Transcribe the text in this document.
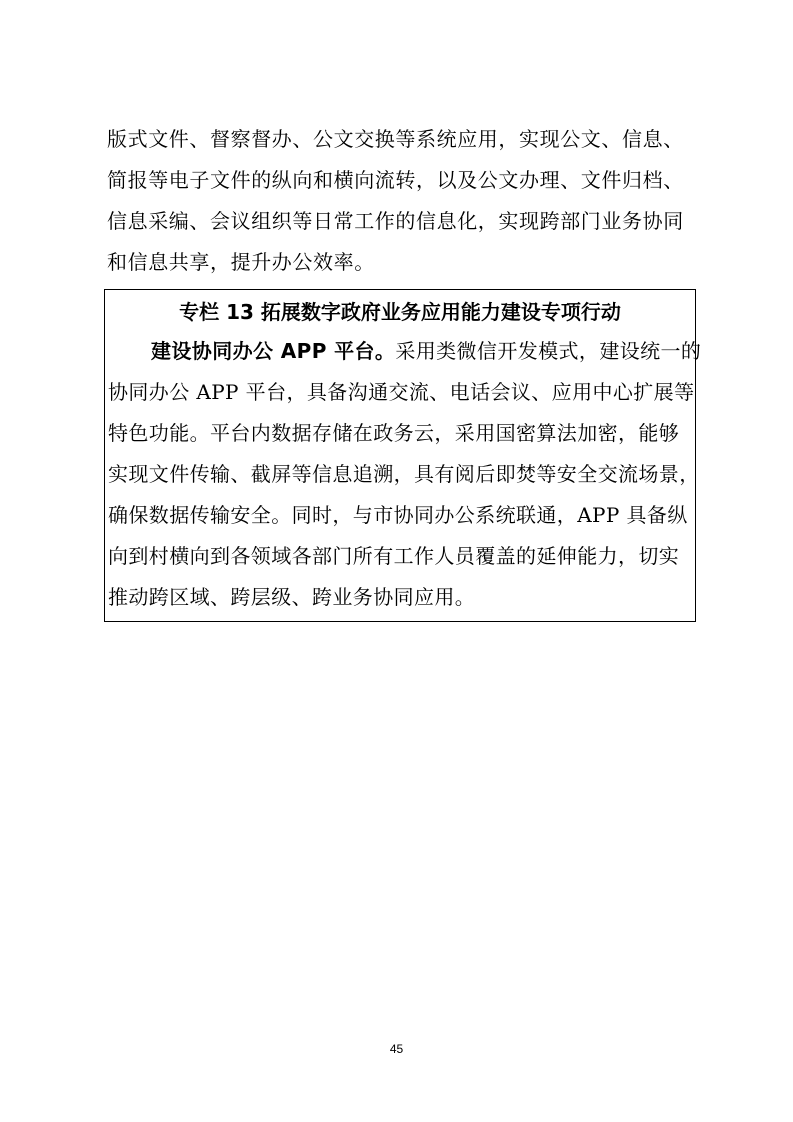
版式文件、督察督办、公文交换等系统应用，实现公文、信息、
简报等电子文件的纵向和横向流转，以及公文办理、文件归档、
信息采编、会议组织等日常工作的信息化，实现跨部门业务协同
和信息共享，提升办公效率。
专栏 13 拓展数字政府业务应用能力建设专项行动
建设协同办公 APP 平台。采用类微信开发模式，建设统一的
协同办公 APP 平台，具备沟通交流、电话会议、应用中心扩展等
特色功能。平台内数据存储在政务云，采用国密算法加密，能够
实现文件传输、截屏等信息追溯，具有阅后即焚等安全交流场景，
确保数据传输安全。同时，与市协同办公系统联通，APP 具备纵
向到村横向到各领域各部门所有工作人员覆盖的延伸能力，切实
推动跨区域、跨层级、跨业务协同应用。
45
